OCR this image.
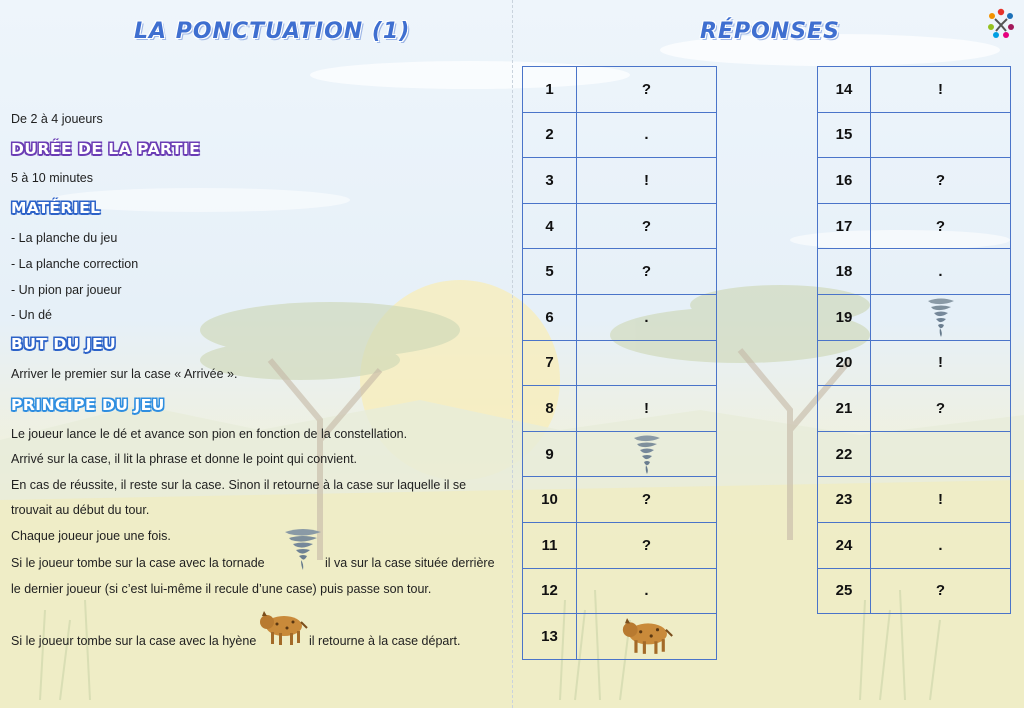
LA PONCTUATION (1)	RÉPONSES
De 2 à 4 joueurs
DURÉE DE LA PARTIE
5 à 10 minutes
MATÉRIEL
- La planche du jeu
- La planche correction
- Un pion par joueur
- Un dé
BUT DU JEU
Arriver le premier sur la case « Arrivée ».
PRINCIPE DU JEU
Le joueur lance le dé et avance son pion en fonction de la constellation.
Arrivé sur la case, il lit la phrase et donne le point qui convient.
En cas de réussite, il reste sur la case. Sinon il retourne à la case sur laquelle il se
trouvait au début du tour.
Chaque joueur joue une fois.
Si le joueur tombe sur la case avec la tornade	il va sur la case située derrière
le dernier joueur (si c’est lui-même il recule d’une case) puis passe son tour.
Si le joueur tombe sur la case avec la hyène	il retourne à la case départ.
1	?
2	.
3	!
4	?
5	?
6	.
7	
8	!
9	
10	?
11	?
12	.
13	
14	!
15	
16	?
17	?
18	.
19	
20	!
21	?
22	
23	!
24	.
25	?
